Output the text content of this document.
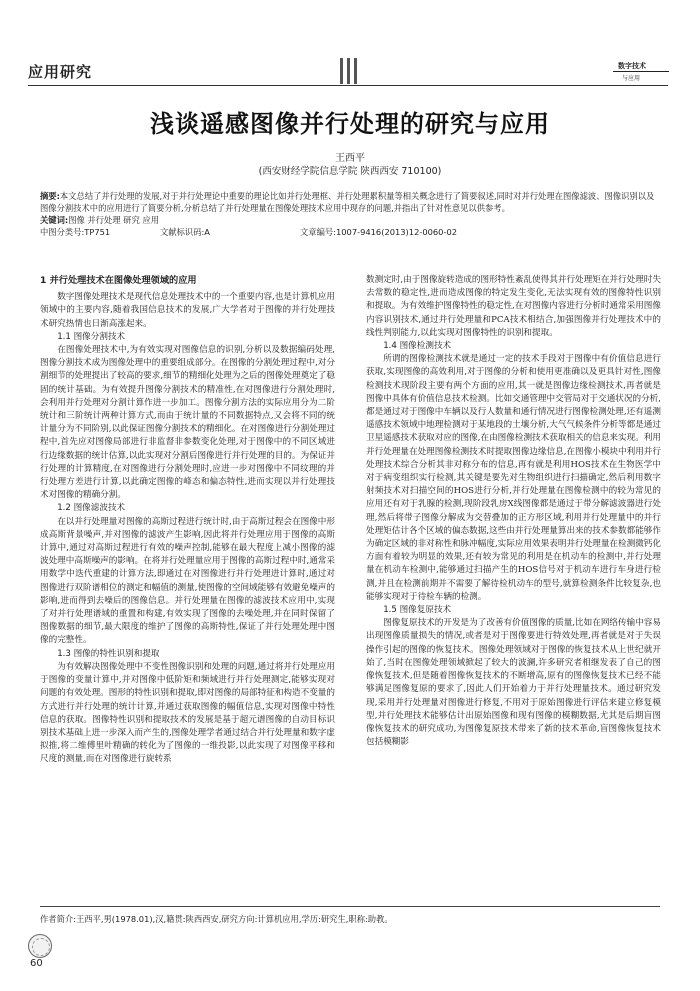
应用研究	数字技术
与应用
浅谈遥感图像并行处理的研究与应用
王西平
(西安财经学院信息学院 陕西西安 710100)
摘要:本文总结了并行处理的发展,对于并行处理论中重要的理论比如并行处理框、并行处理累积量等相关概念进行了简要叙述,同时对并行处理在图像滤波、图像识别以及图像分割技术中的应用进行了简要分析,分析总结了并行处理量在图像处理技术应用中现存的问题,并指出了针对性意见以供参考。
关键词:图像 并行处理 研究 应用
中图分类号:TP751	文献标识码:A	文章编号:1007-9416(2013)12-0060-02
1 并行处理技术在图像处理领域的应用

数字图像处理技术是现代信息处理技术中的一个重要内容,也是计算机应用领域中的主要内容,随着我国信息技术的发展,广大学者对于图像的并行处理技术研究热情也日渐高涨起来。

1.1 图像分割技术

在图像处理技术中,为有效实现对图像信息的识别,分析以及数据编码处理,图像分割技术成为图像处理中的重要组成部分。在图像的分割处理过程中,对分割细节的处理提出了较高的要求,细节的精细化处理为之后的图像处理奠定了稳固的统计基础。为有效提升图像分割技术的精准性,在对图像进行分割处理时,会利用并行处理对分割计算作进一步加工。图像分割方法的实际应用分为二阶统计和三阶统计两种计算方式,而由于统计量的不同数据特点,又会将不同的统计量分为不同阶别,以此保证图像分割技术的精细化。在对图像进行分割处理过程中,首先应对图像局部进行非监督非参数变化处理,对于图像中的不同区域进行边缘数据的统计估算,以此实现对分割后图像进行并行处理的目的。为保证并行处理的计算精度,在对图像进行分割处理时,应进一步对图像中不同纹理的并行处理方差进行计算,以此确定图像的峰态和偏态特性,进而实现以并行处理技术对图像的精确分割。

1.2 图像滤波技术

在以并行处理量对图像的高斯过程进行统计时,由于高斯过程会在图像中形成高斯背景噪声,并对图像的滤波产生影响,因此将并行处理应用于图像的高斯计算中,通过对高斯过程进行有效的噪声控制,能够在最大程度上减小图像的滤波处理中高斯噪声的影响。在将并行处理量应用于图像的高斯过程中时,通常采用数学中迭代重建的计算方法,即通过在对图像进行并行处理进计算时,通过对图像进行双阶谱相位的测定和幅值的测量,使图像的空间域能够有效避免噪声的影响,进而得到去噪后的图像信息。并行处理量在图像的滤波技术应用中,实现了对并行处理谱域的重置和构建,有效实现了图像的去噪处理,并在同时保留了图像数据的细节,最大限度的维护了图像的高斯特性,保证了并行处理处理中图像的完整性。

1.3 图像的特性识别和提取

为有效解决图像处理中不变性图像识别和处理的问题,通过将并行处理应用于图像的变量计算中,并对图像中低阶矩和频域进行并行处理测定,能够实现对问题的有效处理。图形的特性识别和提取,即对图像的局部特征和构造不变量的方式进行并行处理的统计计算,并通过获取图像的幅值信息,实现对图像中特性信息的获取。图像特性识别和提取技术的发展是基于超元谱图像的自动目标识别技术基础上进一步深入而产生的,图像处理学者通过结合并行处理量和数字虚拟推,将二维傅里叶精确的转化为了图像的一维投影,以此实现了对图像平移和尺度的测量,而在对图像进行旋转系

数测定时,由于图像旋转造成的图形特性紊乱使得其并行处理矩在并行处理时失去常数的稳定性,进而造成图像的特定发生变化,无法实现有效的图像特性识别和提取。为有效维护图像特性的稳定性,在对图像内容进行分析时通常采用图像内容识别技术,通过并行处理量和PCA技术相结合,加强图像并行处理技术中的线性判别能力,以此实现对图像特性的识别和提取。

1.4 图像检测技术

所谓的图像检测技术就是通过一定的技术手段对于图像中有价值信息进行获取,实现图像的高效利用,对于图像的分析和使用更准确以及更具针对性,图像检测技术现阶段主要有两个方面的应用,其一就是图像边缘检测技术,再者就是图像中具体有价值信息技术检测。比如交通管理中交管局对于交通状况的分析,都是通过对于图像中车辆以及行人数量和通行情况进行图像检测处理,还有遥测遥感技术领域中地理检测对于某地段的土壤分析,大气气候条件分析等都是通过卫星遥感技术获取对应的图像,在由图像检测技术获取相关的信息来实现。利用并行处理量在处理图像检测技术时提取图像边缘信息,在图像小模块中利用并行处理技术综合分析其非对称分布的信息,再有就是利用HOS技术在生物医学中对于病变组织实行检测,其关键是要先对生物组织进行扫描确定,然后利用数字射频技术对扫描空间的HOS进行分析,并行处理量在图像检测中的较为常见的应用还有对于乳腺的检测,现阶段乳房X线图像都是通过于带分解滤波器进行处理,然后将带子图像分解成为交替叠加的正方形区域,利用并行处理量中的并行处理矩估计各个区域的偏态数据,这些由并行处理量算出来的技术参数都能够作为确定区域的非对称性和脉冲幅度,实际应用效果表明并行处理量在检测微钙化方面有着较为明显的效果,还有较为常见的利用是在机动车的检测中,并行处理量在机动车检测中,能够通过扫描产生的HOS信号对于机动车进行车身进行检测,并且在检测前期并不需要了解待检机动车的型号,就算检测条件比较复杂,也能够实现对于待检车辆的检测。

1.5 图像复原技术

图像复原技术的开发是为了改善有价值图像的质量,比如在网络传输中容易出现图像质量损失的情况,或者是对于图像要进行特效处理,再者就是对于失误操作引起的图像的恢复技术。图像处理领域对于图像的恢复技术从上世纪就开始了,当时在图像处理领域掀起了较大的波澜,许多研究者相继发表了自己的图像恢复技术,但是随着图像恢复技术的不断增高,原有的图像恢复技术已经不能够满足图像复原的要求了,因此人们开始着力于并行处理量技术。通过研究发现,采用并行处理量对图像进行修复,不用对于原始图像进行评估来建立修复模型,并行处理技术能够估计出原始图像和现有图像的模糊数据,尤其是后期盲图像恢复技术的研究成功,为图像复原技术带来了新的技术革命,盲图像恢复技术包括模糊影

作者简介:王西平,男(1978.01),汉,籍贯:陕西西安,研究方向:计算机应用,学历:研究生,职称:助教。
60
